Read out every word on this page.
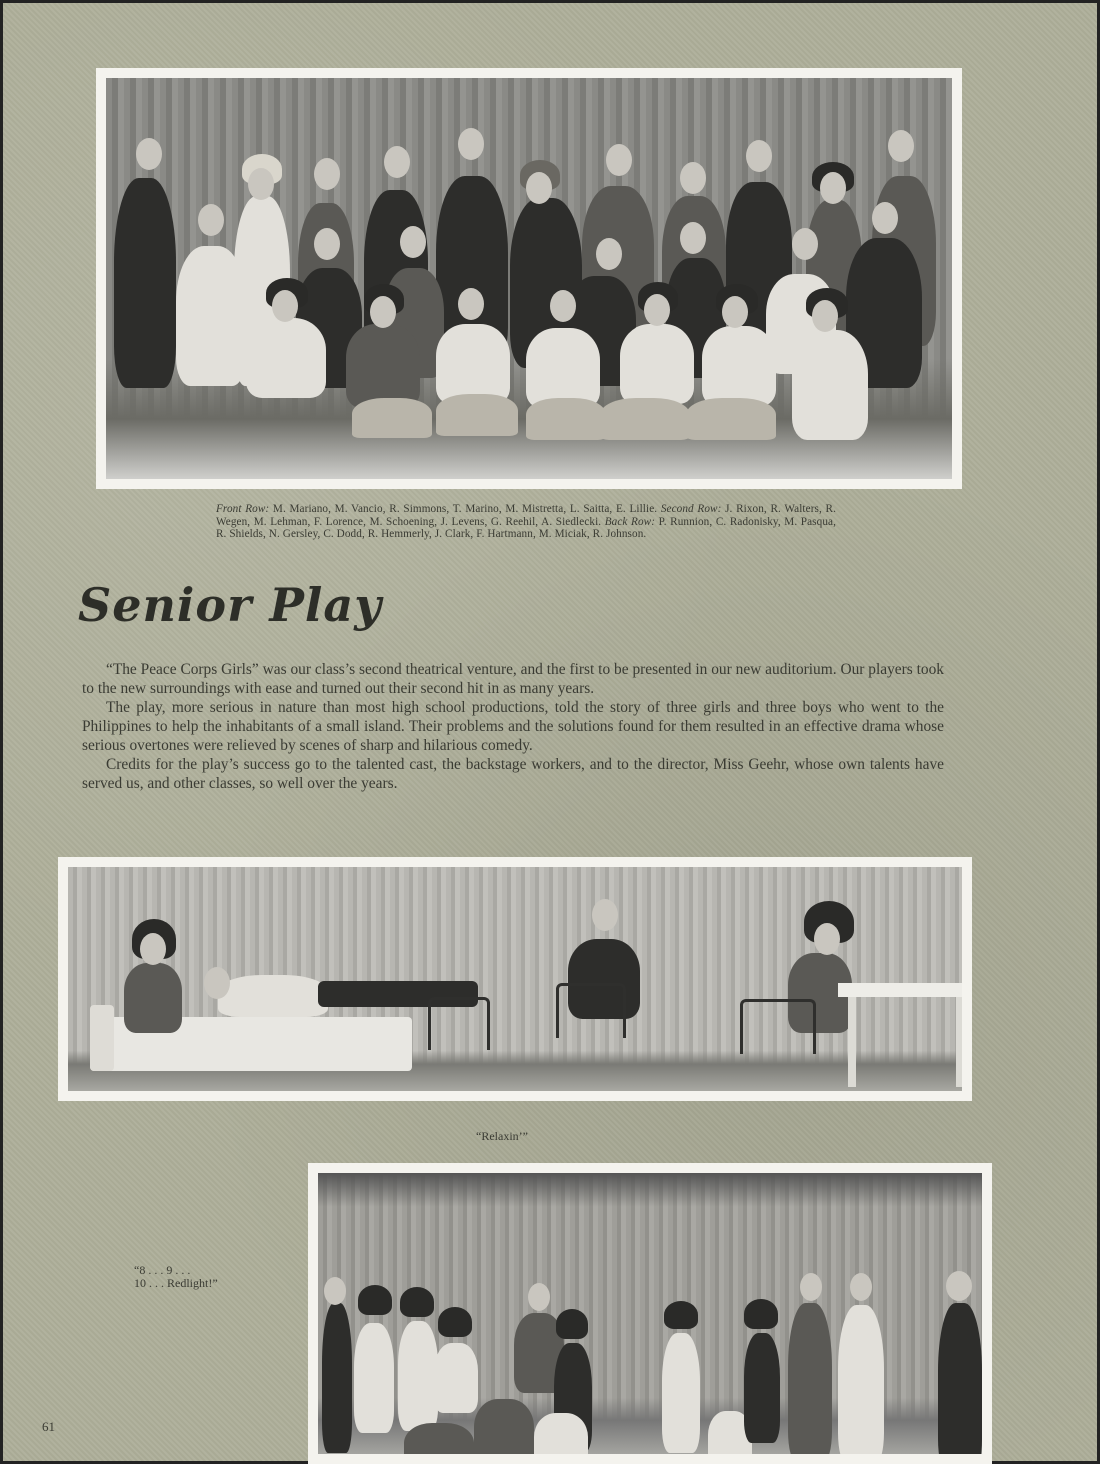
Front Row: M. Mariano, M. Vancio, R. Simmons, T. Marino, M. Mistretta, L. Saitta, E. Lillie. Second Row: J. Rixon, R. Walters, R. Wegen, M. Lehman, F. Lorence, M. Schoening, J. Levens, G. Reehil, A. Siedlecki. Back Row: P. Runnion, C. Radonisky, M. Pasqua, R. Shields, N. Gersley, C. Dodd, R. Hemmerly, J. Clark, F. Hartmann, M. Miciak, R. Johnson.
Senior Play

“The Peace Corps Girls” was our class’s second theatrical venture, and the first to be presented in our new auditorium. Our players took to the new surroundings with ease and turned out their second hit in as many years.

The play, more serious in nature than most high school productions, told the story of three girls and three boys who went to the Philippines to help the inhabitants of a small island. Their problems and the solutions found for them resulted in an effective drama whose serious overtones were relieved by scenes of sharp and hilarious comedy.

Credits for the play’s success go to the talented cast, the backstage workers, and to the director, Miss Geehr, whose own talents have served us, and other classes, so well over the years.

“Relaxin’”
“8 . . . 9 . . .
10 . . . Redlight!”
61
